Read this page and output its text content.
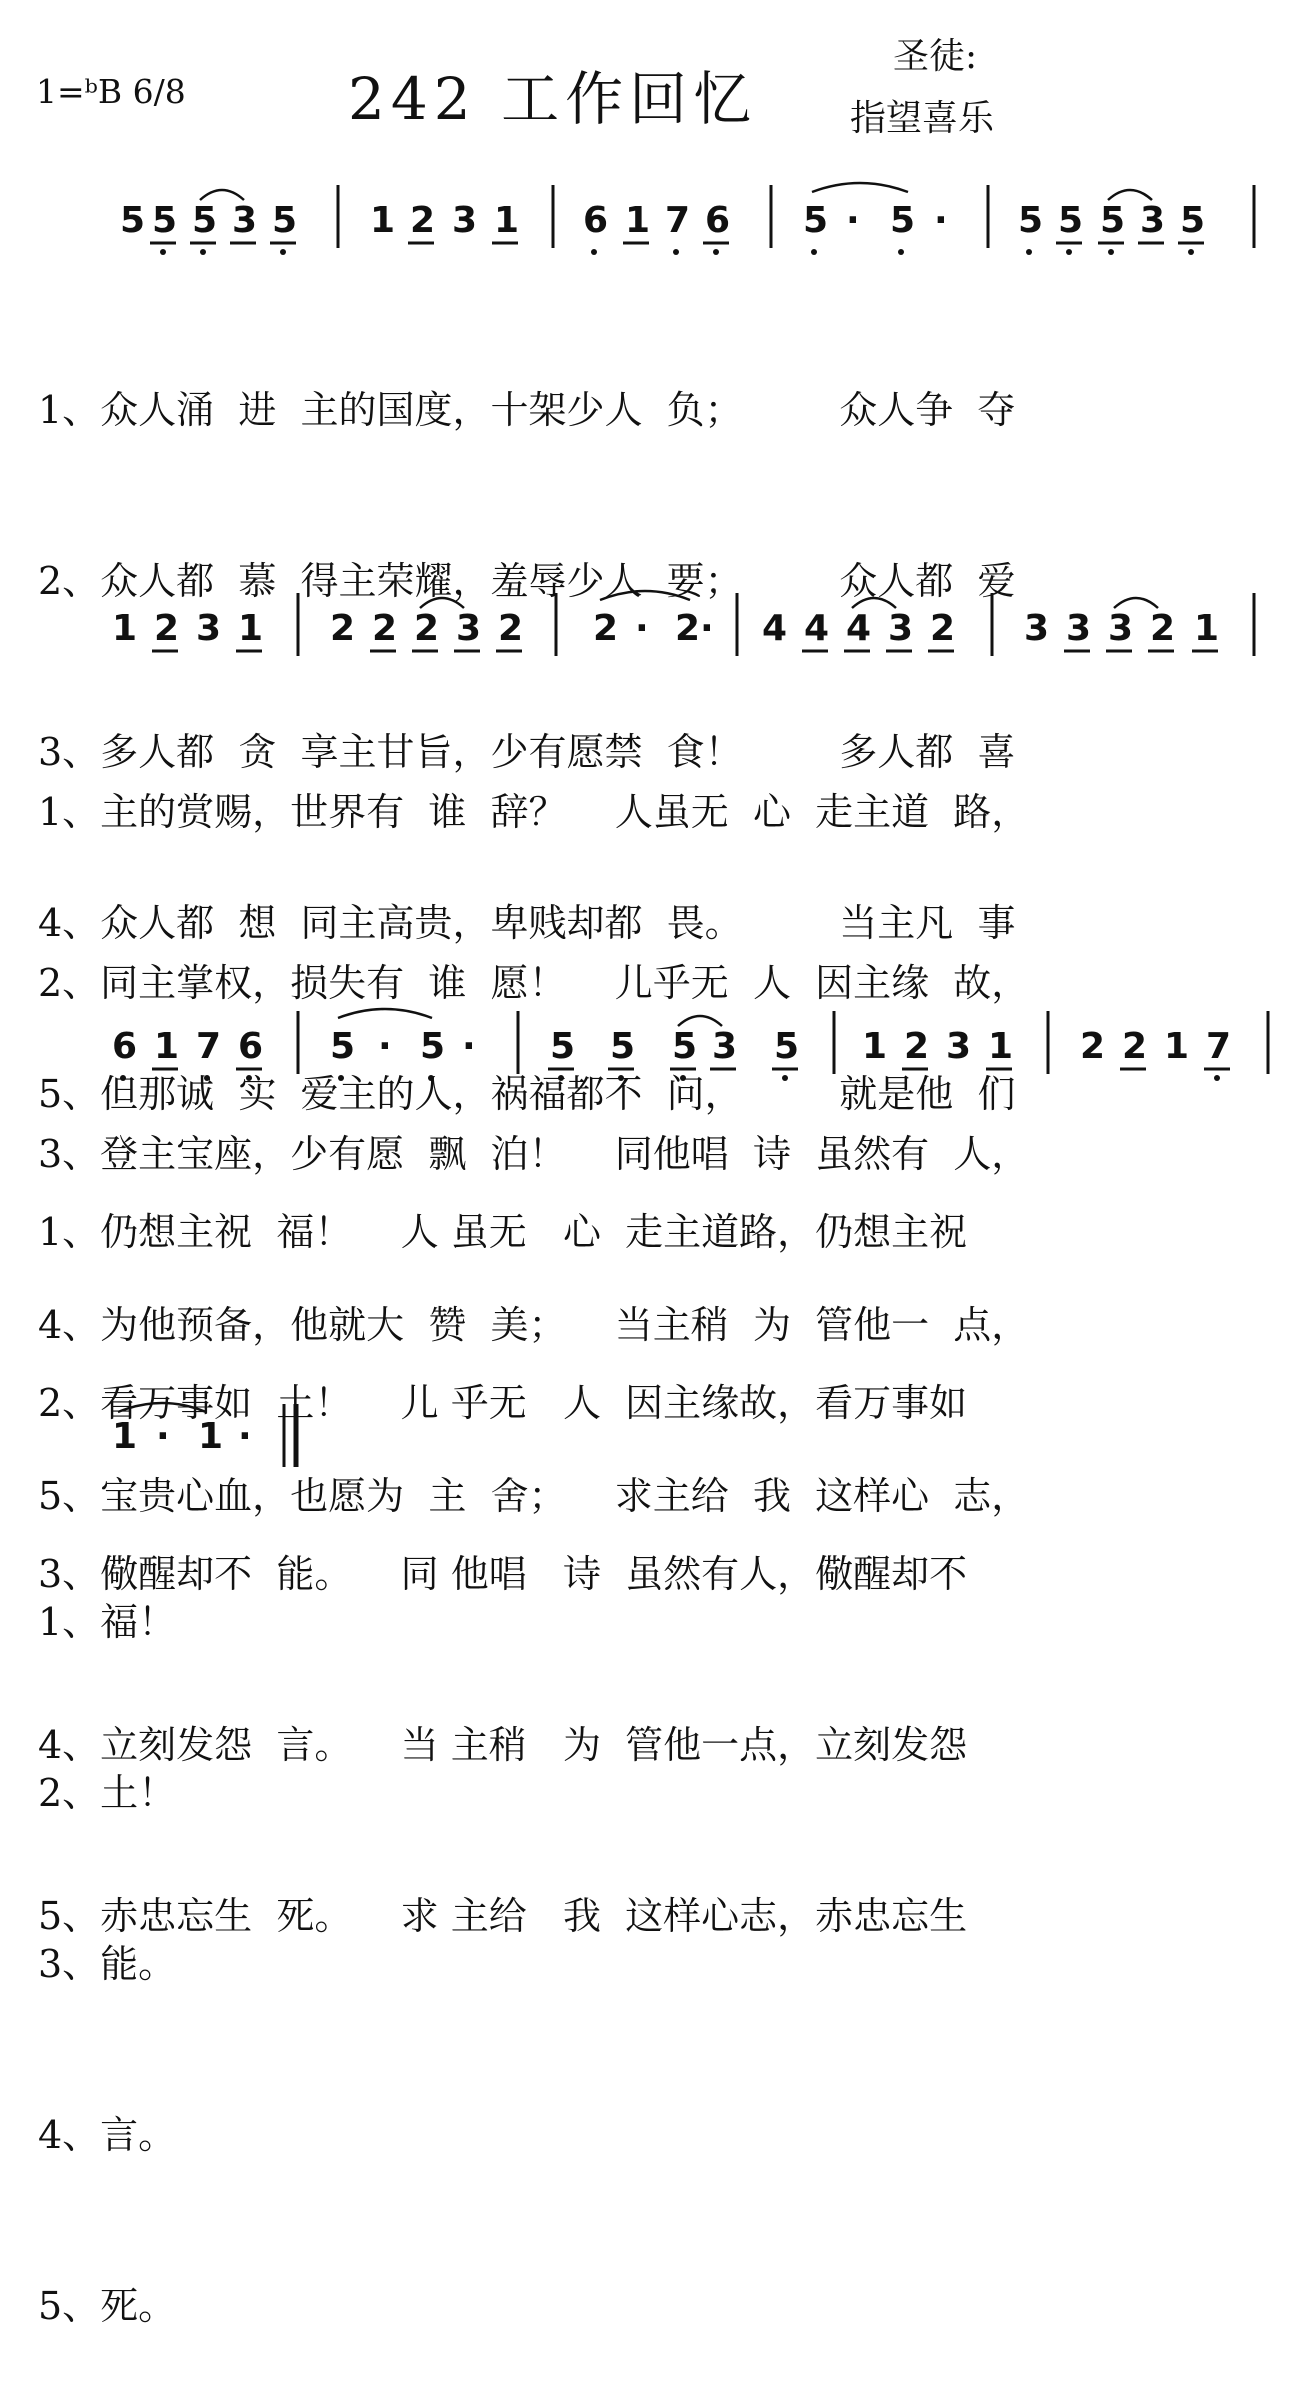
1=ᵇB 6/8	242 工作回忆
圣徒:
指望喜乐
5 5 5 3 5 1 2 3 1 6 1 7 6 5 · 5 · 5 5 5 3 5
1 2 3 1 2 2 2 3 2 2 · 2 · 4 4 4 3 2 3 3 3 2 1
6 1 7 6 5 · 5 · 5 5 5 3 5 1 2 3 1 2 2 1 7
1 · 1 ·

1、众人涌  进  主的国度，十架少人  负；        众人争  夺

2、众人都  慕  得主荣耀，羞辱少人  要；        众人都  爱

3、多人都  贪  享主甘旨，少有愿禁  食！        多人都  喜

4、众人都  想  同主高贵，卑贱却都  畏。        当主凡  事

5、但那诚  实  爱主的人，祸福都不  问，        就是他  们

1、主的赏赐，世界有  谁  辞？    人虽无  心  走主道  路，

2、同主掌权，损失有  谁  愿！    儿乎无  人  因主缘  故，

3、登主宝座，少有愿  飘  泊！    同他唱  诗  虽然有  人，

4、为他预备，他就大  赞  美；    当主稍  为  管他一  点，

5、宝贵心血，也愿为  主  舍；    求主给  我  这样心  志，

1、仍想主祝  福！    人 虽无   心  走主道路，仍想主祝

2、看万事如  土！    儿 乎无   人  因主缘故，看万事如

3、儆醒却不  能。    同 他唱   诗  虽然有人，儆醒却不

4、立刻发怨  言。    当 主稍   为  管他一点，立刻发怨

5、赤忠忘生  死。    求 主给   我  这样心志，赤忠忘生

1、福！

2、土！

3、能。

4、言。

5、死。
